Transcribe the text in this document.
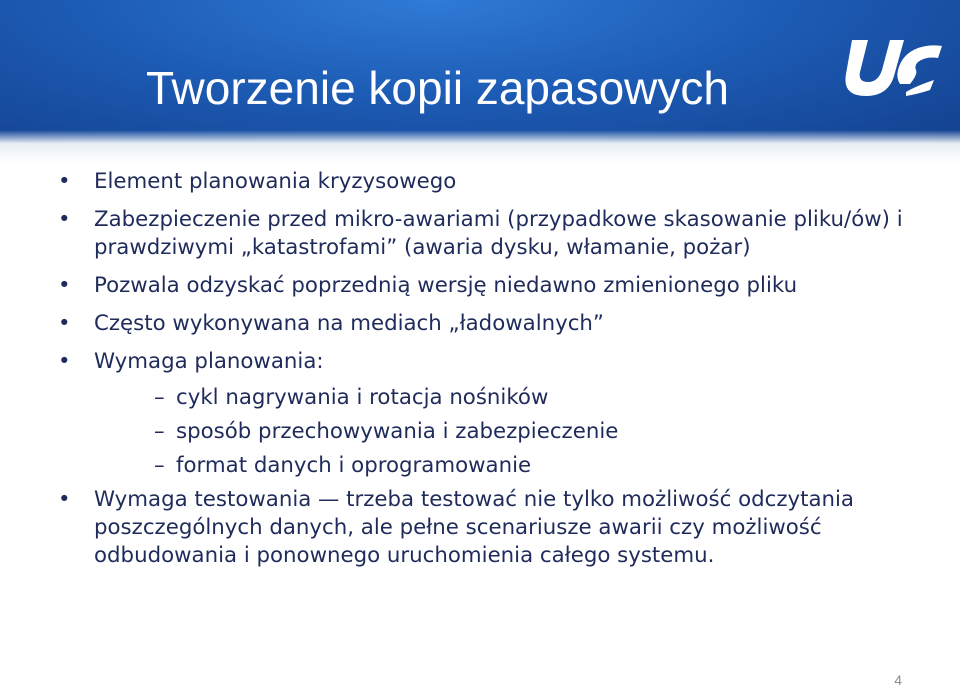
Tworzenie kopii zapasowych
•	Element planowania kryzysowego
•	Zabezpieczenie przed mikro-awariami (przypadkowe skasowanie pliku/ów) i prawdziwymi „katastrofami” (awaria dysku, włamanie, pożar)
•	Pozwala odzyskać poprzednią wersję niedawno zmienionego pliku
•	Często wykonywana na mediach „ładowalnych”
•	Wymaga planowania:
– cykl nagrywania i rotacja nośników
– sposób przechowywania i zabezpieczenie
– format danych i oprogramowanie
•	Wymaga testowania — trzeba testować nie tylko możliwość odczytania poszczególnych danych, ale pełne scenariusze awarii czy możliwość odbudowania i ponownego uruchomienia całego systemu.
4
